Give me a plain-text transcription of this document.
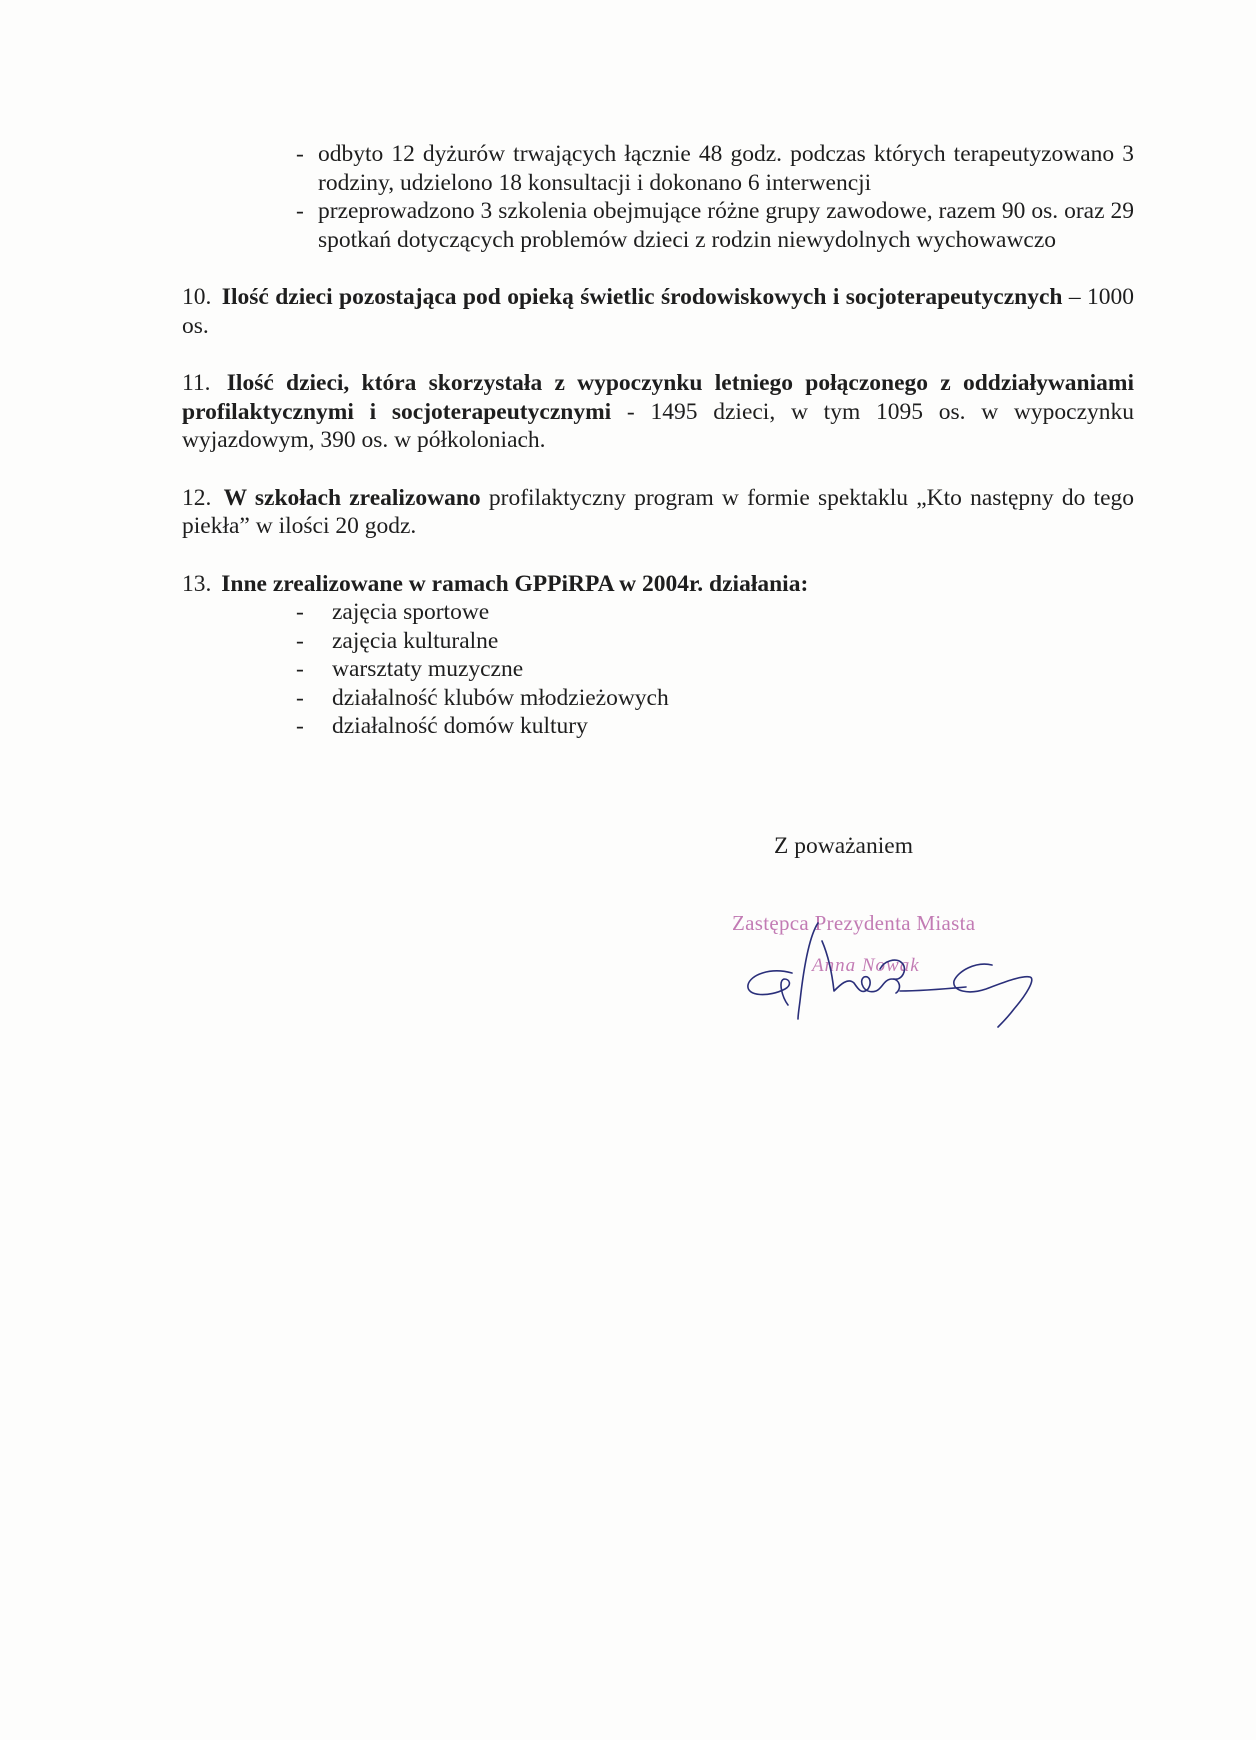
- odbyto 12 dyżurów trwających łącznie 48 godz. podczas których terapeutyzowano 3 rodziny, udzielono 18 konsultacji i dokonano 6 interwencji
- przeprowadzono 3 szkolenia obejmujące różne grupy zawodowe, razem 90 os. oraz 29 spotkań dotyczących problemów dzieci z rodzin niewydolnych wychowawczo

10. Ilość dzieci pozostająca pod opieką świetlic środowiskowych i socjoterapeutycznych – 1000 os.

11. Ilość dzieci, która skorzystała z wypoczynku letniego połączonego z oddziaływaniami profilaktycznymi i socjoterapeutycznymi - 1495 dzieci, w tym 1095 os. w wypoczynku wyjazdowym, 390 os. w półkoloniach.

12. W szkołach zrealizowano profilaktyczny program w formie spektaklu „Kto następny do tego piekła” w ilości 20 godz.

13. Inne zrealizowane w ramach GPPiRPA w 2004r. działania:

- zajęcia sportowe
- zajęcia kulturalne
- warsztaty muzyczne
- działalność klubów młodzieżowych
- działalność domów kultury
Z poważaniem
Zastępca Prezydenta Miasta
Anna Nowak
